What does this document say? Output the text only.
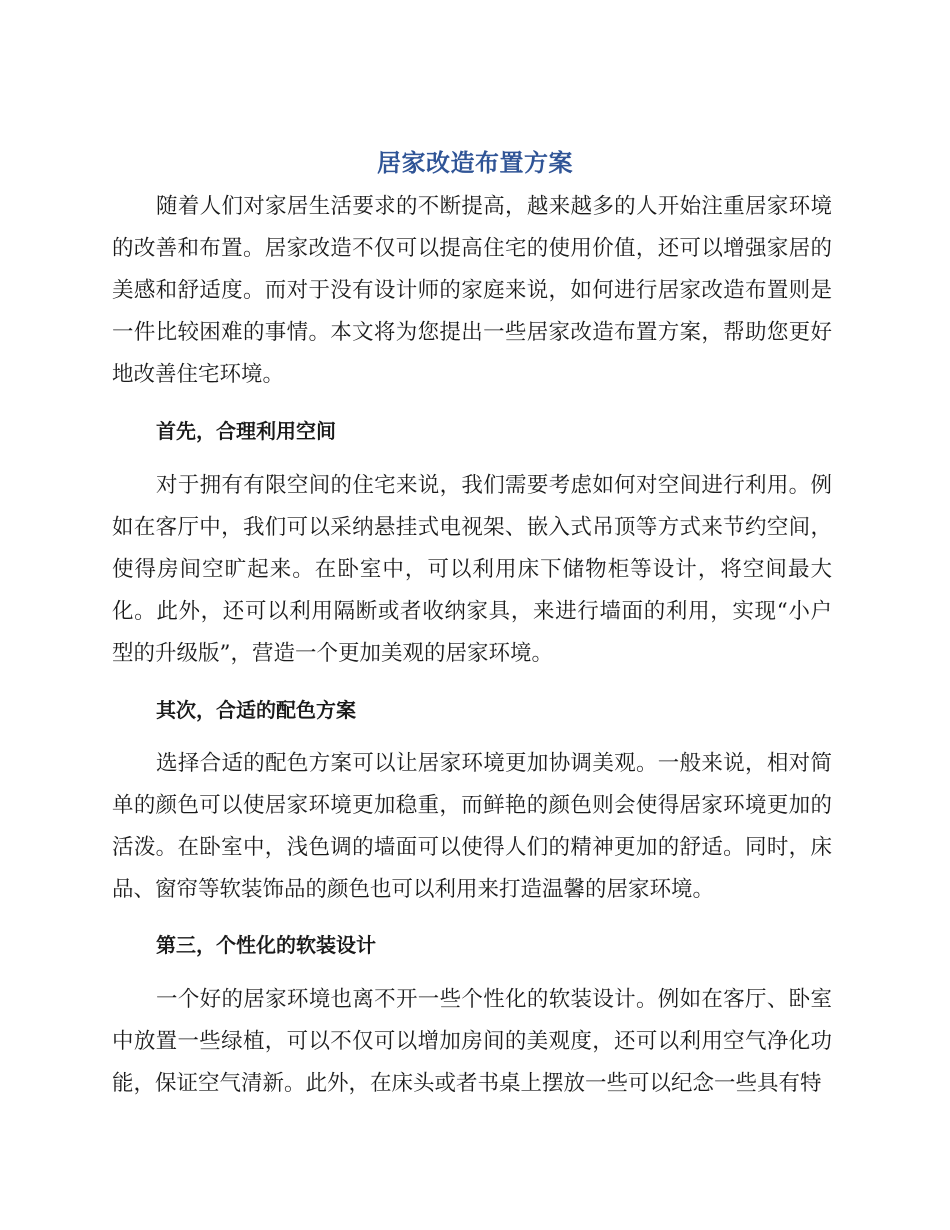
居家改造布置方案

随着人们对家居生活要求的不断提高，越来越多的人开始注重居家环境的改善和布置。居家改造不仅可以提高住宅的使用价值，还可以增强家居的美感和舒适度。而对于没有设计师的家庭来说，如何进行居家改造布置则是一件比较困难的事情。本文将为您提出一些居家改造布置方案，帮助您更好地改善住宅环境。

首先，合理利用空间

对于拥有有限空间的住宅来说，我们需要考虑如何对空间进行利用。例如在客厅中，我们可以采纳悬挂式电视架、嵌入式吊顶等方式来节约空间，使得房间空旷起来。在卧室中，可以利用床下储物柜等设计，将空间最大化。此外，还可以利用隔断或者收纳家具，来进行墙面的利用，实现“小户型的升级版”，营造一个更加美观的居家环境。

其次，合适的配色方案

选择合适的配色方案可以让居家环境更加协调美观。一般来说，相对简单的颜色可以使居家环境更加稳重，而鲜艳的颜色则会使得居家环境更加的活泼。在卧室中，浅色调的墙面可以使得人们的精神更加的舒适。同时，床品、窗帘等软装饰品的颜色也可以利用来打造温馨的居家环境。

第三，个性化的软装设计

一个好的居家环境也离不开一些个性化的软装设计。例如在客厅、卧室中放置一些绿植，可以不仅可以增加房间的美观度，还可以利用空气净化功能，保证空气清新。此外，在床头或者书桌上摆放一些可以纪念一些具有特
